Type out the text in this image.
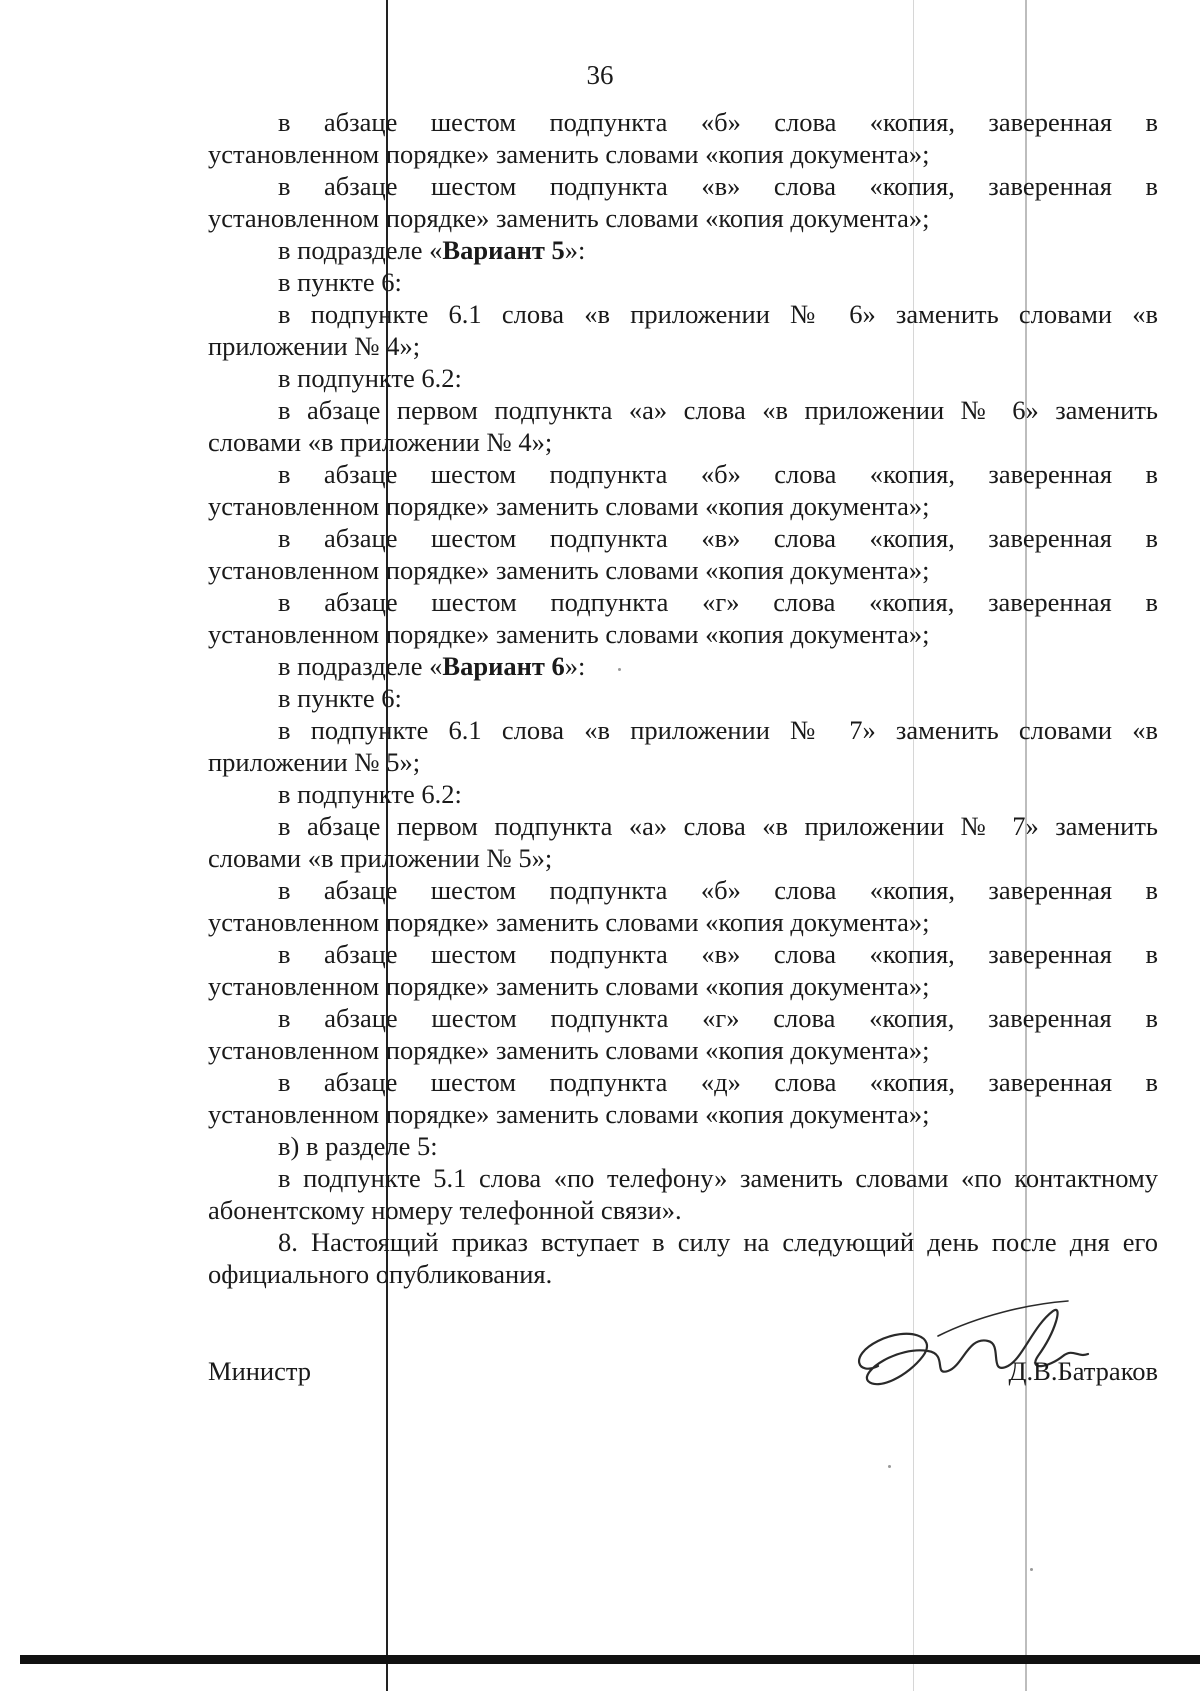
36
в абзаце шестом подпункта «б» слова «копия, заверенная в
установленном порядке» заменить словами «копия документа»;
в абзаце шестом подпункта «в» слова «копия, заверенная в
установленном порядке» заменить словами «копия документа»;
в подразделе «Вариант 5»:
в пункте 6:
в подпункте 6.1 слова «в приложении № 6» заменить словами «в
приложении № 4»;
в подпункте 6.2:
в абзаце первом подпункта «а» слова «в приложении № 6» заменить
словами «в приложении № 4»;
в абзаце шестом подпункта «б» слова «копия, заверенная в
установленном порядке» заменить словами «копия документа»;
в абзаце шестом подпункта «в» слова «копия, заверенная в
установленном порядке» заменить словами «копия документа»;
в абзаце шестом подпункта «г» слова «копия, заверенная в
установленном порядке» заменить словами «копия документа»;
в подразделе «Вариант 6»:
в пункте 6:
в подпункте 6.1 слова «в приложении № 7» заменить словами «в
приложении № 5»;
в подпункте 6.2:
в абзаце первом подпункта «а» слова «в приложении № 7» заменить
словами «в приложении № 5»;
в абзаце шестом подпункта «б» слова «копия, заверенная в
установленном порядке» заменить словами «копия документа»;
в абзаце шестом подпункта «в» слова «копия, заверенная в
установленном порядке» заменить словами «копия документа»;
в абзаце шестом подпункта «г» слова «копия, заверенная в
установленном порядке» заменить словами «копия документа»;
в абзаце шестом подпункта «д» слова «копия, заверенная в
установленном порядке» заменить словами «копия документа»;
в) в разделе 5:
в подпункте 5.1 слова «по телефону» заменить словами «по контактному
абонентскому номеру телефонной связи».
8. Настоящий приказ вступает в силу на следующий день после дня его
официального опубликования.
Министр	Д.В.Батраков
